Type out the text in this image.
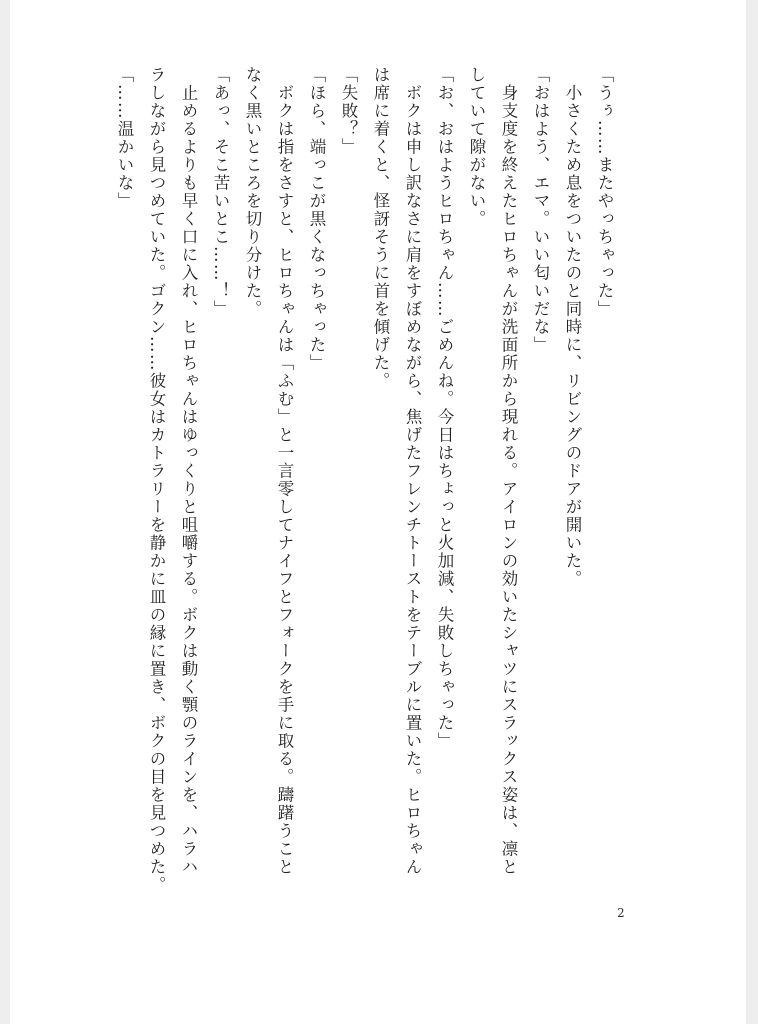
「うぅ……またやっちゃった」
　小さくため息をついたのと同時に、リビングのドアが開いた。
「おはよう、エマ。いい匂いだな」
　身支度を終えたヒロちゃんが洗面所から現れる。アイロンの効いたシャツにスラックス姿は、凛と
していて隙がない。
「お、おはようヒロちゃん……ごめんね。今日はちょっと火加減、失敗しちゃった」
　ボクは申し訳なさに肩をすぼめながら、焦げたフレンチトーストをテーブルに置いた。ヒロちゃん
は席に着くと、怪訝そうに首を傾げた。
「失敗？」
「ほら、端っこが黒くなっちゃった」
　ボクは指をさすと、ヒロちゃんは「ふむ」と一言零してナイフとフォークを手に取る。躊躇うこと
なく黒いところを切り分けた。
「あっ、そこ苦いとこ……！」
　止めるよりも早く口に入れ、ヒロちゃんはゆっくりと咀嚼する。ボクは動く顎のラインを、ハラハ
ラしながら見つめていた。ゴクン……彼女はカトラリーを静かに皿の縁に置き、ボクの目を見つめた。
「……温かいな」
2
